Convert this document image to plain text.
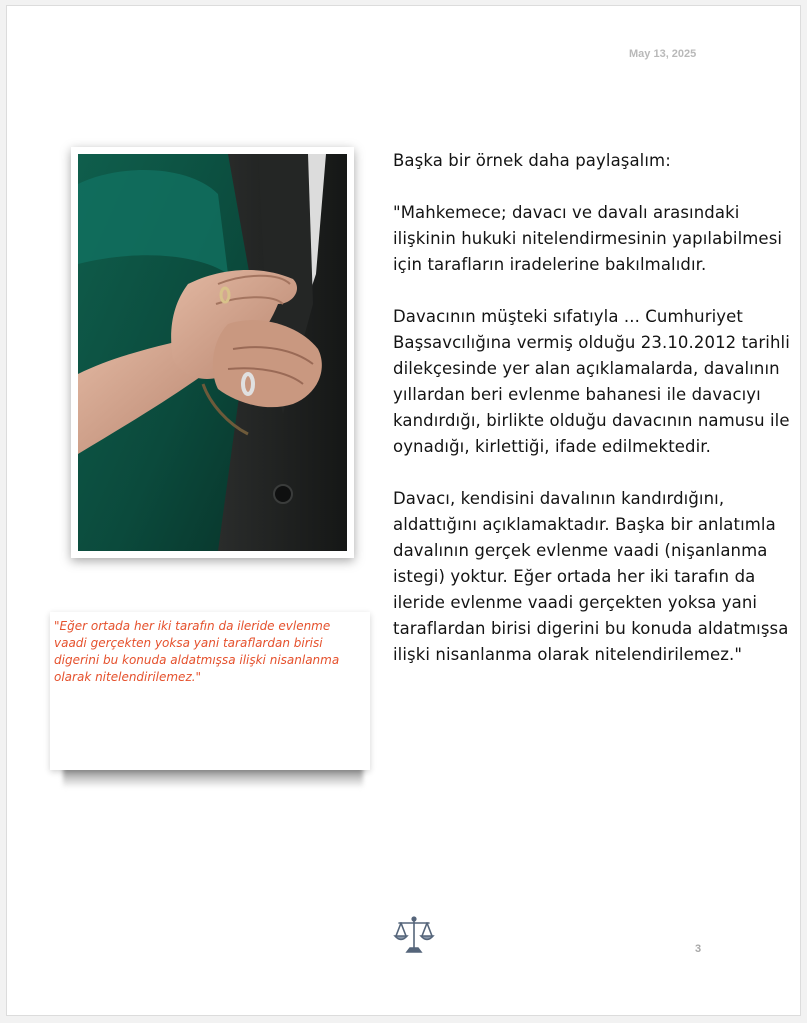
May 13, 2025

"Eğer ortada her iki tarafın da ileride evlenme vaadi gerçekten yoksa yani taraflardan birisi digerini bu konuda aldatmışsa ilişki nisanlanma olarak nitelendirilemez."

Başka bir örnek daha paylaşalım:

"Mahkemece; davacı ve davalı arasındaki ilişkinin hukuki nitelendirmesinin yapılabilmesi için tarafların iradelerine bakılmalıdır.

Davacının müşteki sıfatıyla ... Cumhuriyet Başsavcılığına vermiş olduğu 23.10.2012 tarihli dilekçesinde yer alan açıklamalarda, davalının yıllardan beri evlenme bahanesi ile davacıyı kandırdığı, birlikte olduğu davacının namusu ile oynadığı, kirlettiği, ifade edilmektedir.

Davacı, kendisini davalının kandırdığını, aldattığını açıklamaktadır. Başka bir anlatımla davalının gerçek evlenme vaadi (nişanlanma istegi) yoktur. Eğer ortada her iki tarafın da ileride evlenme vaadi gerçekten yoksa yani taraflardan birisi digerini bu konuda aldatmışsa ilişki nisanlanma olarak nitelendirilemez."

3
